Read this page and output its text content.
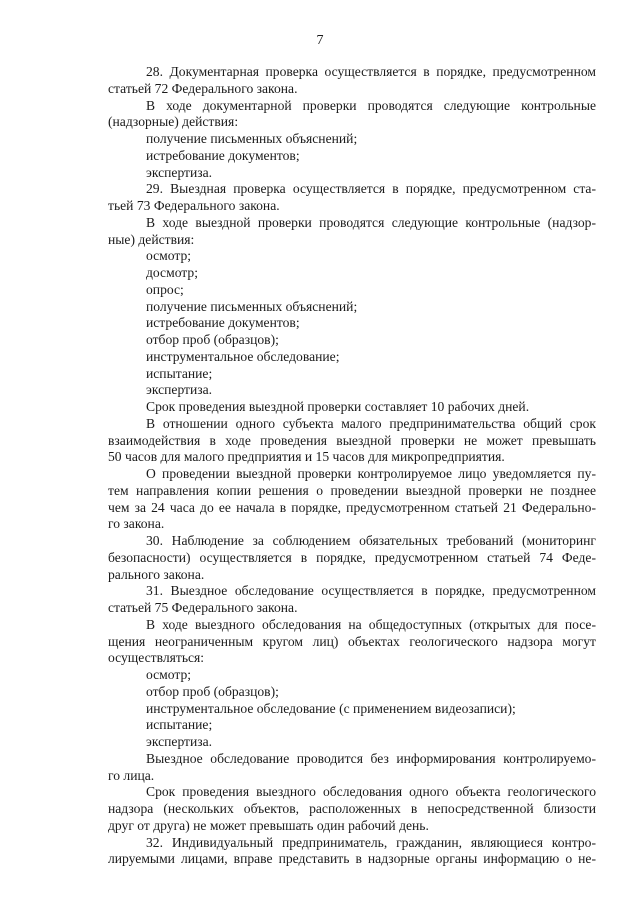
7
28. Документарная проверка осуществляется в порядке, предусмотренном
статьей 72 Федерального закона.
В ходе документарной проверки проводятся следующие контрольные
(надзорные) действия:
получение письменных объяснений;
истребование документов;
экспертиза.
29. Выездная проверка осуществляется в порядке, предусмотренном ста-
тьей 73 Федерального закона.
В ходе выездной проверки проводятся следующие контрольные (надзор-
ные) действия:
осмотр;
досмотр;
опрос;
получение письменных объяснений;
истребование документов;
отбор проб (образцов);
инструментальное обследование;
испытание;
экспертиза.
Срок проведения выездной проверки составляет 10 рабочих дней.
В отношении одного субъекта малого предпринимательства общий срок
взаимодействия в ходе проведения выездной проверки не может превышать
50 часов для малого предприятия и 15 часов для микропредприятия.
О проведении выездной проверки контролируемое лицо уведомляется пу-
тем направления копии решения о проведении выездной проверки не позднее
чем за 24 часа до ее начала в порядке, предусмотренном статьей 21 Федерально-
го закона.
30. Наблюдение за соблюдением обязательных требований (мониторинг
безопасности) осуществляется в порядке, предусмотренном статьей 74 Феде-
рального закона.
31. Выездное обследование осуществляется в порядке, предусмотренном
статьей 75 Федерального закона.
В ходе выездного обследования на общедоступных (открытых для посе-
щения неограниченным кругом лиц) объектах геологического надзора могут
осуществляться:
осмотр;
отбор проб (образцов);
инструментальное обследование (с применением видеозаписи);
испытание;
экспертиза.
Выездное обследование проводится без информирования контролируемо-
го лица.
Срок проведения выездного обследования одного объекта геологического
надзора (нескольких объектов, расположенных в непосредственной близости
друг от друга) не может превышать один рабочий день.
32. Индивидуальный предприниматель, гражданин, являющиеся контро-
лируемыми лицами, вправе представить в надзорные органы информацию о не-
